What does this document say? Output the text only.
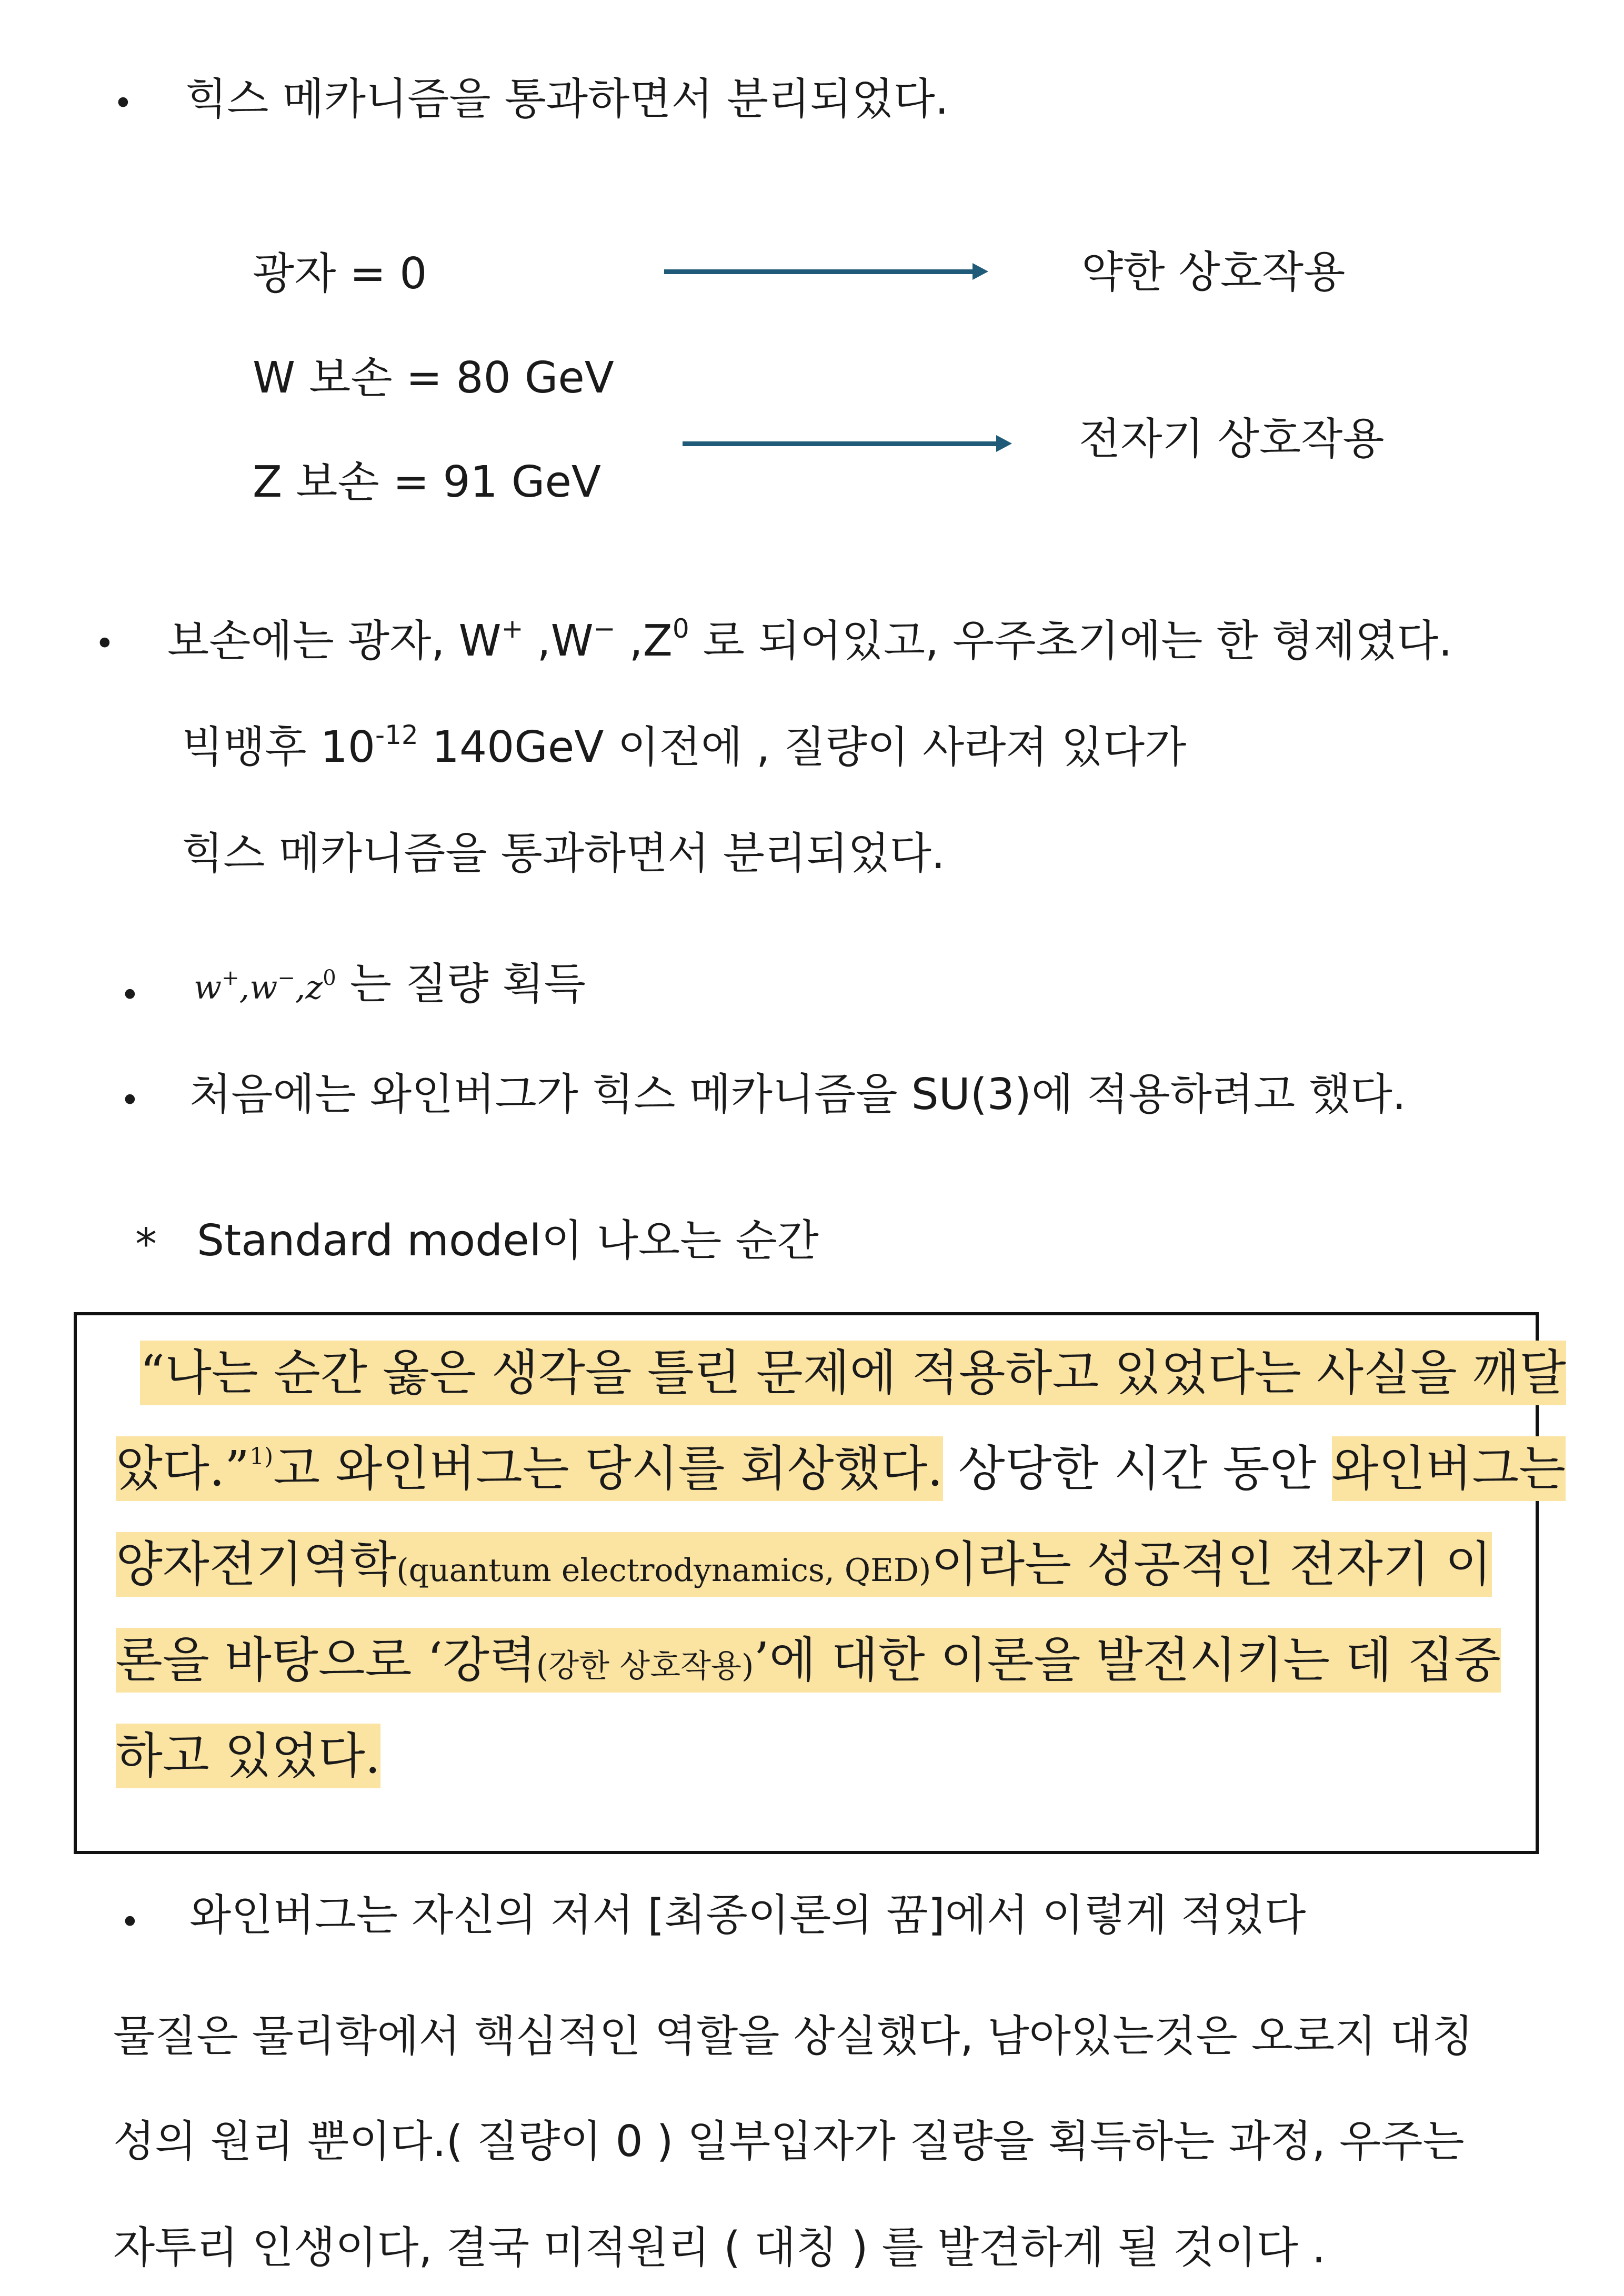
• 힉스 메카니즘을 통과하면서 분리되었다.
광자 = 0
W 보손 = 80 GeV
Z 보손 = 91 GeV
약한 상호작용
전자기 상호작용
• 보손에는 광자, W+ ,W− $,Z^0$ 로 되어있고, 우주초기에는 한 형제였다.
빅뱅후 $10^{-12}$ 140GeV 이전에 , 질량이 사라져 있다가
힉스 메카니즘을 통과하면서 분리되었다.
• $w^+,w^-,z^0$ 는 질량 획득
• 처음에는 와인버그가 힉스 메카니즘을 SU(3)에 적용하려고 했다.
* Standard model이 나오는 순간
“나는 순간 옳은 생각을 틀린 문제에 적용하고 있었다는 사실을 깨달
았다.”$^{1)}$고 와인버그는 당시를 회상했다. 상당한 시간 동안 와인버그는
양자전기역학(quantum electrodynamics, QED)이라는 성공적인 전자기 이
론을 바탕으로 ‘강력(강한 상호작용)’에 대한 이론을 발전시키는 데 집중
하고 있었다.
• 와인버그는 자신의 저서 [최종이론의 꿈]에서 이렇게 적었다
물질은 물리학에서 핵심적인 역할을 상실했다, 남아있는것은 오로지 대칭
성의 원리 뿐이다.( 질량이 0 ) 일부입자가 질량을 획득하는 과정, 우주는
자투리 인생이다, 결국 미적원리 ( 대칭 ) 를 발견하게 될 것이다 .
